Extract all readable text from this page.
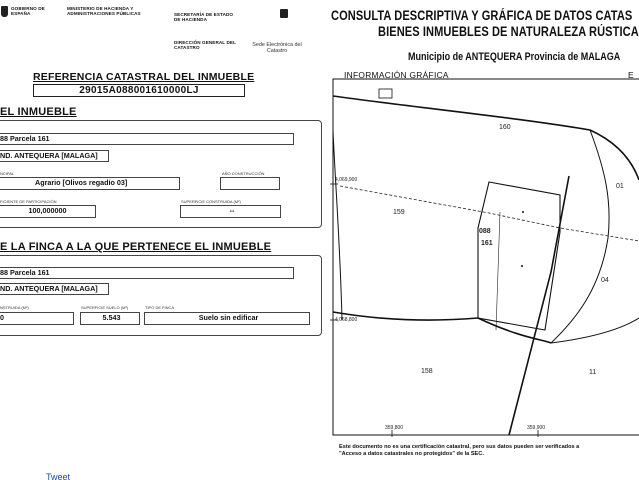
GOBIERNO DE ESPAÑA
MINISTERIO DE HACIENDA Y ADMINISTRACIONES PÚBLICAS	SECRETARÍA DE ESTADO DE HACIENDA
DIRECCIÓN GENERAL DEL CATASTRO	Sede Electrónica del Catastro
REFERENCIA CATASTRAL DEL INMUEBLE
29015A088001610000LJ
EL INMUEBLE
88 Parcela 161
ND. ANTEQUERA [MALAGA]
NCIPAL
Agrario [Olivos regadío 03]
AÑO CONSTRUCCIÓN
FICIENTE DE PARTICIPACIÓN
100,000000
SUPERFICIE CONSTRUIDA (M²)
--
E LA FINCA A LA QUE PERTENECE EL INMUEBLE
88 Parcela 161
ND. ANTEQUERA [MALAGA]
NSTRUIDA (M²)
0
SUPERFICIE SUELO (M²)
5.543
TIPO DE FINCA
Suelo sin edificar
Tweet
CONSULTA DESCRIPTIVA Y GRÁFICA DE DATOS CATAS
BIENES INMUEBLES DE NATURALEZA RÚSTICA
Municipio de ANTEQUERA Provincia de MALAGA
INFORMACIÓN GRÁFICA	E
160
01
159
088
161
04
158	11
4,069,900
4,068,800
359,800	359,900
Este documento no es una certificación catastral, pero sus datos pueden ser verificados a
"Acceso a datos catastrales no protegidos" de la SEC.
